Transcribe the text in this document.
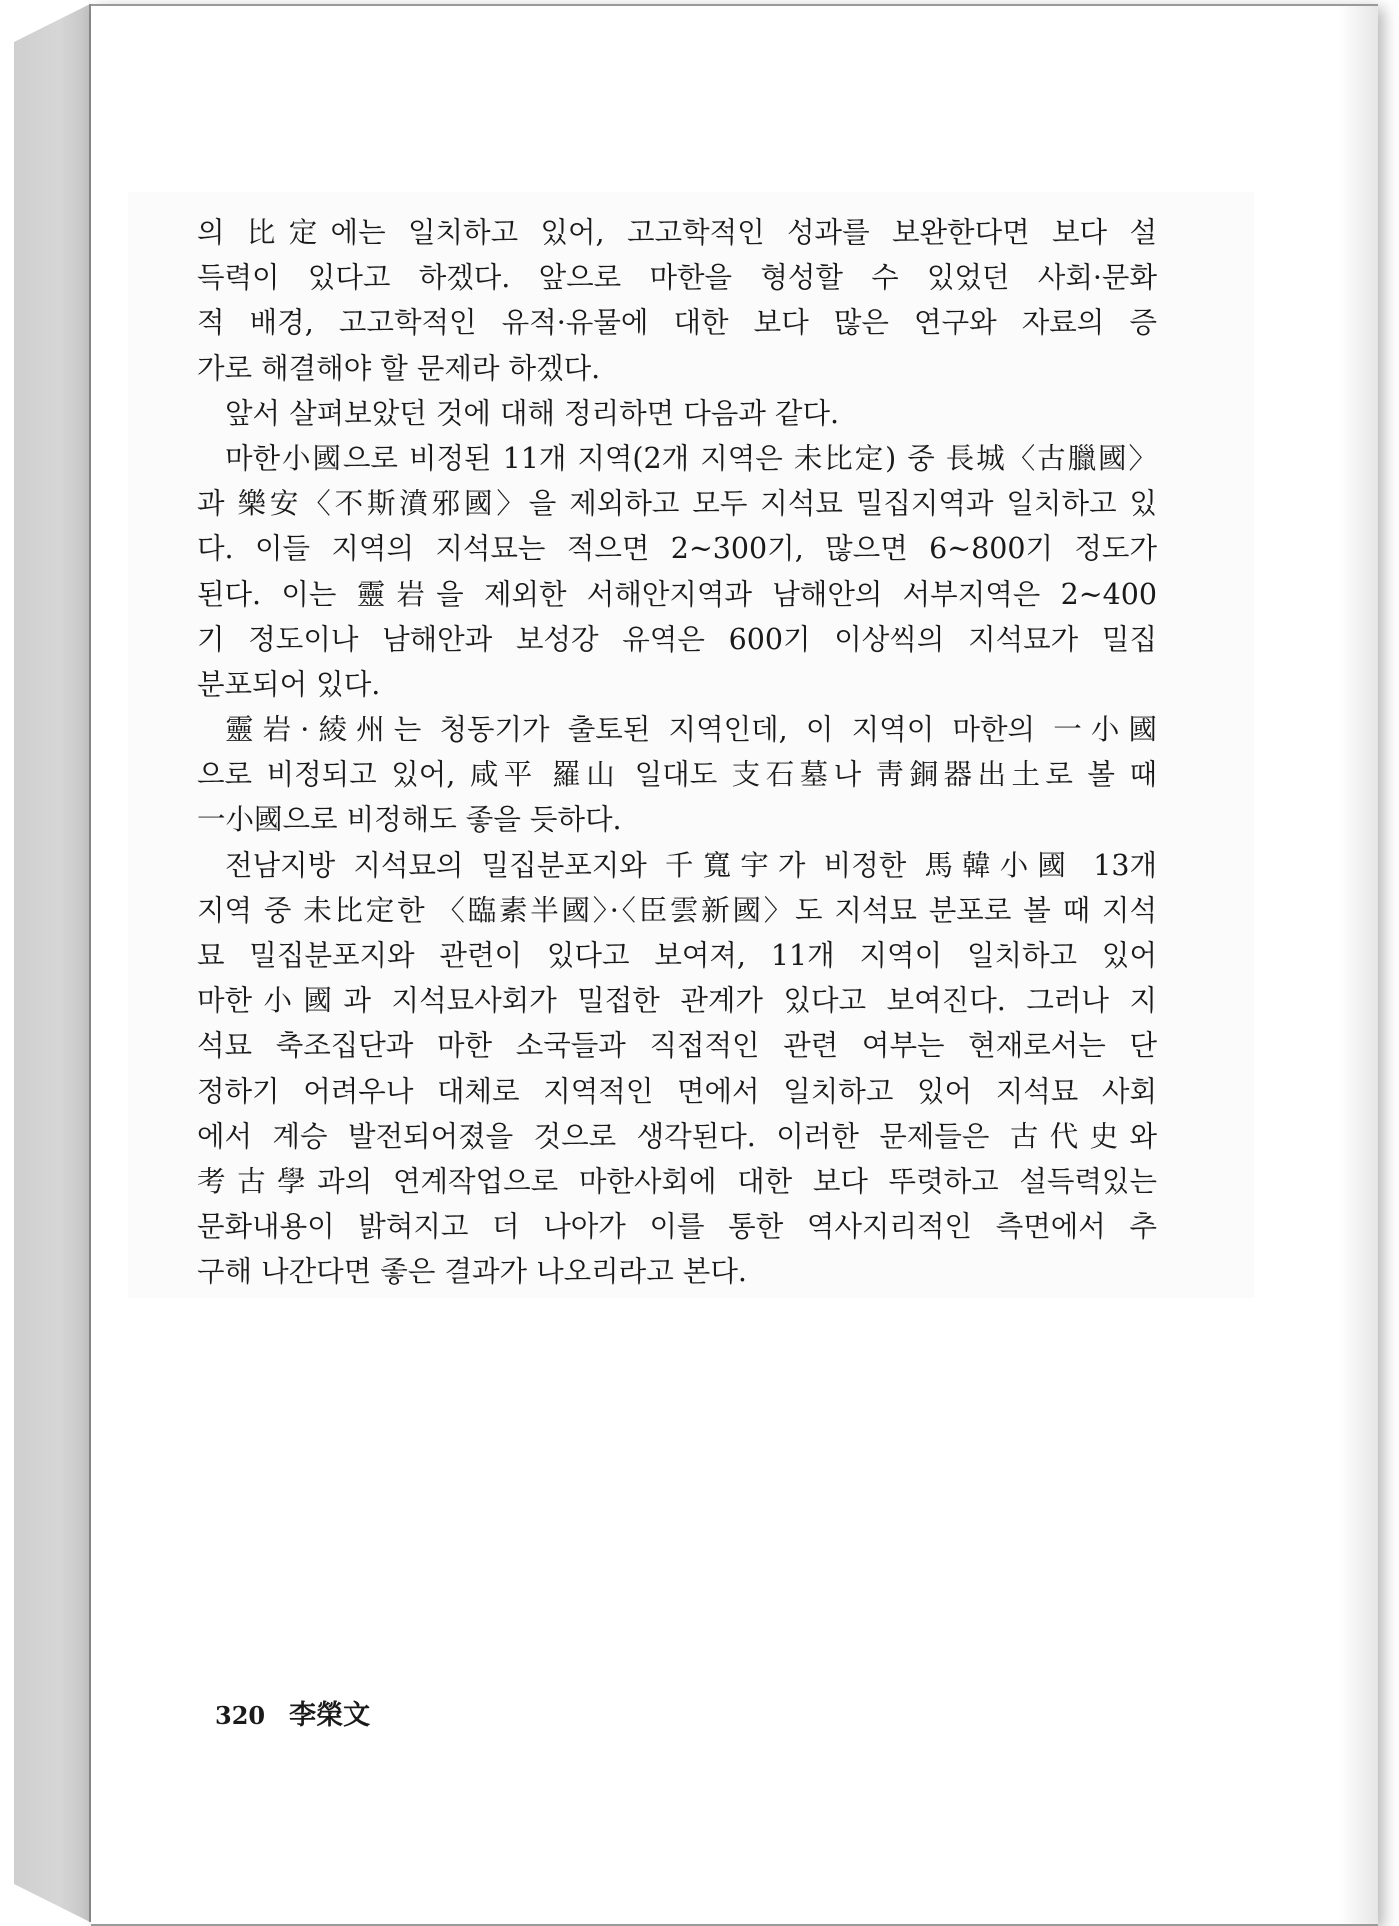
의 比定에는 일치하고 있어, 고고학적인 성과를 보완한다면 보다 설
득력이 있다고 하겠다. 앞으로 마한을 형성할 수 있었던 사회·문화
적 배경, 고고학적인 유적·유물에 대한 보다 많은 연구와 자료의 증
가로 해결해야 할 문제라 하겠다.
앞서 살펴보았던 것에 대해 정리하면 다음과 같다.
마한小國으로 비정된 11개 지역(2개 지역은 未比定) 중 長城〈古臘國〉
과 樂安〈不斯濆邪國〉을 제외하고 모두 지석묘 밀집지역과 일치하고 있
다. 이들 지역의 지석묘는 적으면 2~300기, 많으면 6~800기 정도가
된다. 이는 靈岩을 제외한 서해안지역과 남해안의 서부지역은 2~400
기 정도이나 남해안과 보성강 유역은 600기 이상씩의 지석묘가 밀집
분포되어 있다.
靈岩·綾州는 청동기가 출토된 지역인데, 이 지역이 마한의 一小國
으로 비정되고 있어, 咸平 羅山 일대도 支石墓나 靑銅器出土로 볼 때
一小國으로 비정해도 좋을 듯하다.
전남지방 지석묘의 밀집분포지와 千寬宇가 비정한 馬韓小國 13개
지역 중 未比定한 〈臨素半國〉·〈臣雲新國〉도 지석묘 분포로 볼 때 지석
묘 밀집분포지와 관련이 있다고 보여져, 11개 지역이 일치하고 있어
마한小國과 지석묘사회가 밀접한 관계가 있다고 보여진다. 그러나 지
석묘 축조집단과 마한 소국들과 직접적인 관련 여부는 현재로서는 단
정하기 어려우나 대체로 지역적인 면에서 일치하고 있어 지석묘 사회
에서 계승 발전되어졌을 것으로 생각된다. 이러한 문제들은 古代史와
考古學과의 연계작업으로 마한사회에 대한 보다 뚜렷하고 설득력있는
문화내용이 밝혀지고 더 나아가 이를 통한 역사지리적인 측면에서 추
구해 나간다면 좋은 결과가 나오리라고 본다.
320 李榮文
